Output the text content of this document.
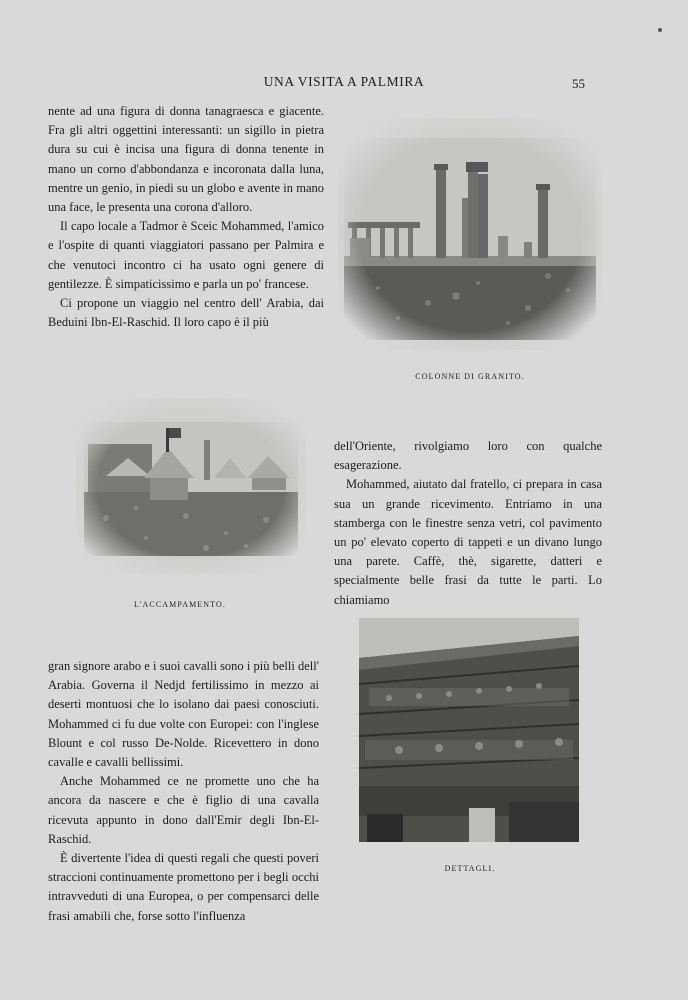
UNA VISITA A PALMIRA	55

nente ad una figura di donna tanagraesca e giacente. Fra gli altri oggettini interessanti: un sigillo in pietra dura su cui è incisa una figura di donna tenente in mano un corno d'abbondanza e incoronata dalla luna, mentre un genio, in piedi su un globo e avente in mano una face, le presenta una corona d'alloro.

Il capo locale a Tadmor è Sceic Mohammed, l'amico e l'ospite di quanti viaggiatori passano per Palmira e che venutoci incontro ci ha usato ogni genere di gentilezze. È simpaticissimo e parla un po' francese.

Ci propone un viaggio nel centro dell' Arabia, dai Beduini Ibn-El-Raschid. Il loro capo è il più

COLONNE DI GRANITO.
L'ACCAMPAMENTO.

dell'Oriente, rivolgiamo loro con qualche esagerazione.

Mohammed, aiutato dal fratello, ci prepara in casa sua un grande ricevimento. Entriamo in una stamberga con le finestre senza vetri, col pavimento un po' elevato coperto di tappeti e un divano lungo una parete. Caffè, thè, sigarette, datteri e specialmente belle frasi da tutte le parti. Lo chiamiamo

gran signore arabo e i suoi cavalli sono i più belli dell' Arabia. Governa il Nedjd fertilissimo in mezzo ai deserti montuosi che lo isolano dai paesi conosciuti. Mohammed ci fu due volte con Europei: con l'inglese Blount e col russo De-Nolde. Ricevettero in dono cavalle e cavalli bellissimi.

Anche Mohammed ce ne promette uno che ha ancora da nascere e che è figlio di una cavalla ricevuta appunto in dono dall'Emir degli Ibn-El-Raschid.

È divertente l'idea di questi regali che questi poveri straccioni continuamente promettono per i begli occhi intravveduti di una Europea, o per compensarci delle frasi amabili che, forse sotto l'influenza

DETTAGLI.
